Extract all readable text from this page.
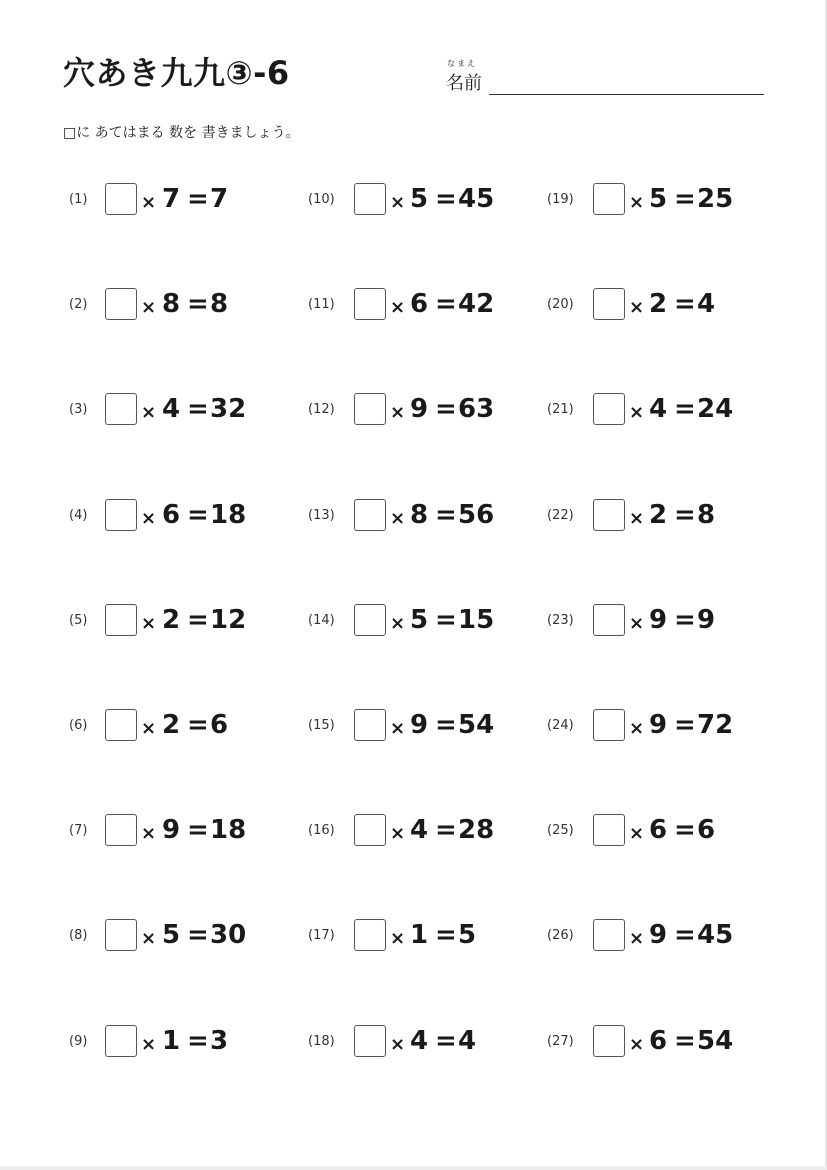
穴あき九九③-6	なまえ
名前
□に あてはまる 数を 書きましょう。
(1)	× 7 = 7
(2)	× 8 = 8
(3)	× 4 = 32
(4)	× 6 = 18
(5)	× 2 = 12
(6)	× 2 = 6
(7)	× 9 = 18
(8)	× 5 = 30
(9)	× 1 = 3
(10)	× 5 = 45
(11)	× 6 = 42
(12)	× 9 = 63
(13)	× 8 = 56
(14)	× 5 = 15
(15)	× 9 = 54
(16)	× 4 = 28
(17)	× 1 = 5
(18)	× 4 = 4
(19)	× 5 = 25
(20)	× 2 = 4
(21)	× 4 = 24
(22)	× 2 = 8
(23)	× 9 = 9
(24)	× 9 = 72
(25)	× 6 = 6
(26)	× 9 = 45
(27)	× 6 = 54
